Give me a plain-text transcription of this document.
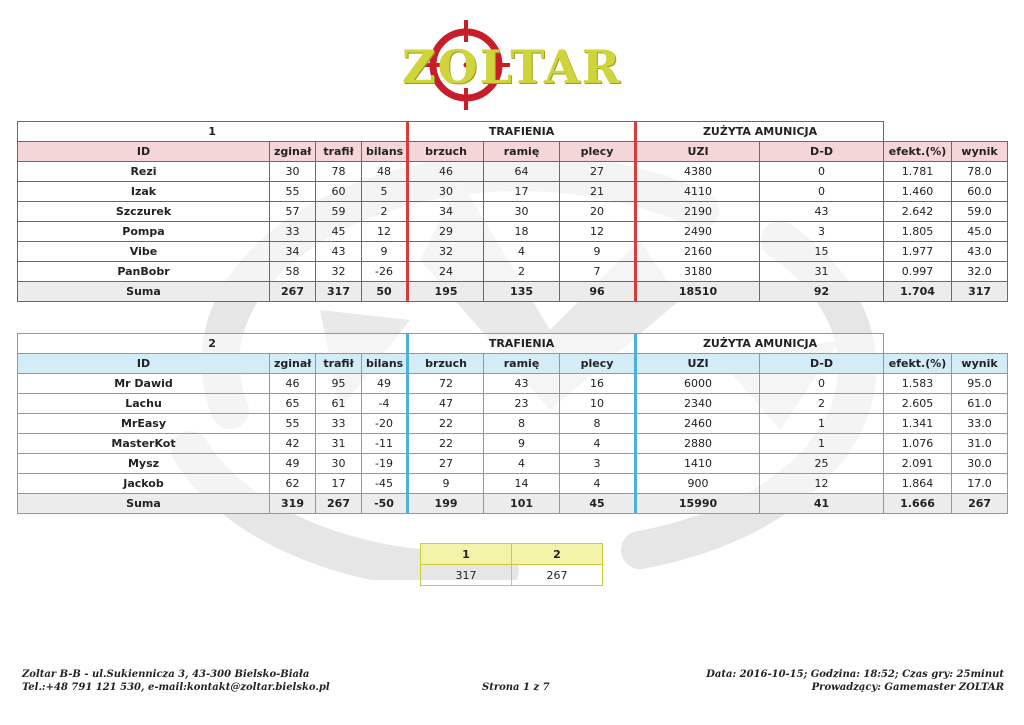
ZOLTAR
1				TRAFIENIA			ZUŻYTA AMUNICJA			
ID	zginał	trafił	bilans	brzuch	ramię	plecy	UZI	D-D	efekt.(%)	wynik
Rezi	30	78	48	46	64	27	4380	0	1.781	78.0
Izak	55	60	5	30	17	21	4110	0	1.460	60.0
Szczurek	57	59	2	34	30	20	2190	43	2.642	59.0
Pompa	33	45	12	29	18	12	2490	3	1.805	45.0
Vibe	34	43	9	32	4	9	2160	15	1.977	43.0
PanBobr	58	32	-26	24	2	7	3180	31	0.997	32.0
Suma	267	317	50	195	135	96	18510	92	1.704	317
2				TRAFIENIA			ZUŻYTA AMUNICJA			
ID	zginał	trafił	bilans	brzuch	ramię	plecy	UZI	D-D	efekt.(%)	wynik
Mr Dawid	46	95	49	72	43	16	6000	0	1.583	95.0
Lachu	65	61	-4	47	23	10	2340	2	2.605	61.0
MrEasy	55	33	-20	22	8	8	2460	1	1.341	33.0
MasterKot	42	31	-11	22	9	4	2880	1	1.076	31.0
Mysz	49	30	-19	27	4	3	1410	25	2.091	30.0
Jackob	62	17	-45	9	14	4	900	12	1.864	17.0
Suma	319	267	-50	199	101	45	15990	41	1.666	267
1	2
317	267
Zoltar B-B - ul.Sukiennicza 3, 43-300 Bielsko-Biała
Tel.:+48 791 121 530, e-mail:kontakt@zoltar.bielsko.pl	Strona 1 z 7
Data: 2016-10-15; Godzina: 18:52; Czas gry: 25minut
Prowadzący: Gamemaster ZOLTAR
